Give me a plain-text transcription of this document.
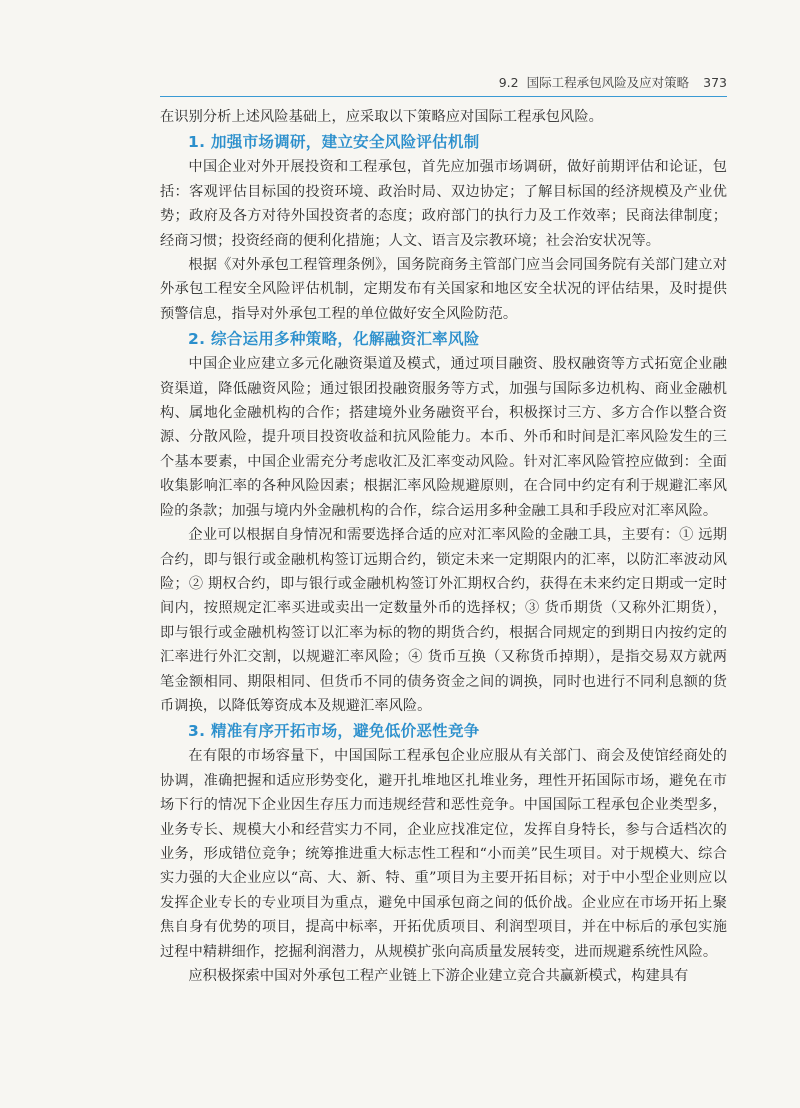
9.2 国际工程承包风险及应对策略 373

在识别分析上述风险基础上，应采取以下策略应对国际工程承包风险。

1. 加强市场调研，建立安全风险评估机制

中国企业对外开展投资和工程承包，首先应加强市场调研，做好前期评估和论证，包括：客观评估目标国的投资环境、政治时局、双边协定；了解目标国的经济规模及产业优势；政府及各方对待外国投资者的态度；政府部门的执行力及工作效率；民商法律制度；经商习惯；投资经商的便利化措施；人文、语言及宗教环境；社会治安状况等。

根据《对外承包工程管理条例》，国务院商务主管部门应当会同国务院有关部门建立对外承包工程安全风险评估机制，定期发布有关国家和地区安全状况的评估结果，及时提供预警信息，指导对外承包工程的单位做好安全风险防范。

2. 综合运用多种策略，化解融资汇率风险

中国企业应建立多元化融资渠道及模式，通过项目融资、股权融资等方式拓宽企业融资渠道，降低融资风险；通过银团投融资服务等方式，加强与国际多边机构、商业金融机构、属地化金融机构的合作；搭建境外业务融资平台，积极探讨三方、多方合作以整合资源、分散风险，提升项目投资收益和抗风险能力。本币、外币和时间是汇率风险发生的三个基本要素，中国企业需充分考虑收汇及汇率变动风险。针对汇率风险管控应做到：全面收集影响汇率的各种风险因素；根据汇率风险规避原则，在合同中约定有利于规避汇率风险的条款；加强与境内外金融机构的合作，综合运用多种金融工具和手段应对汇率风险。

企业可以根据自身情况和需要选择合适的应对汇率风险的金融工具，主要有：① 远期合约，即与银行或金融机构签订远期合约，锁定未来一定期限内的汇率，以防汇率波动风险；② 期权合约，即与银行或金融机构签订外汇期权合约，获得在未来约定日期或一定时间内，按照规定汇率买进或卖出一定数量外币的选择权；③ 货币期货（又称外汇期货），即与银行或金融机构签订以汇率为标的物的期货合约，根据合同规定的到期日内按约定的汇率进行外汇交割，以规避汇率风险；④ 货币互换（又称货币掉期），是指交易双方就两笔金额相同、期限相同、但货币不同的债务资金之间的调换，同时也进行不同利息额的货币调换，以降低筹资成本及规避汇率风险。

3. 精准有序开拓市场，避免低价恶性竞争

在有限的市场容量下，中国国际工程承包企业应服从有关部门、商会及使馆经商处的协调，准确把握和适应形势变化，避开扎堆地区扎堆业务，理性开拓国际市场，避免在市场下行的情况下企业因生存压力而违规经营和恶性竞争。中国国际工程承包企业类型多，业务专长、规模大小和经营实力不同，企业应找准定位，发挥自身特长，参与合适档次的业务，形成错位竞争；统筹推进重大标志性工程和“小而美”民生项目。对于规模大、综合实力强的大企业应以“高、大、新、特、重”项目为主要开拓目标；对于中小型企业则应以发挥企业专长的专业项目为重点，避免中国承包商之间的低价战。企业应在市场开拓上聚焦自身有优势的项目，提高中标率，开拓优质项目、利润型项目，并在中标后的承包实施过程中精耕细作，挖掘利润潜力，从规模扩张向高质量发展转变，进而规避系统性风险。

应积极探索中国对外承包工程产业链上下游企业建立竞合共赢新模式，构建具有
